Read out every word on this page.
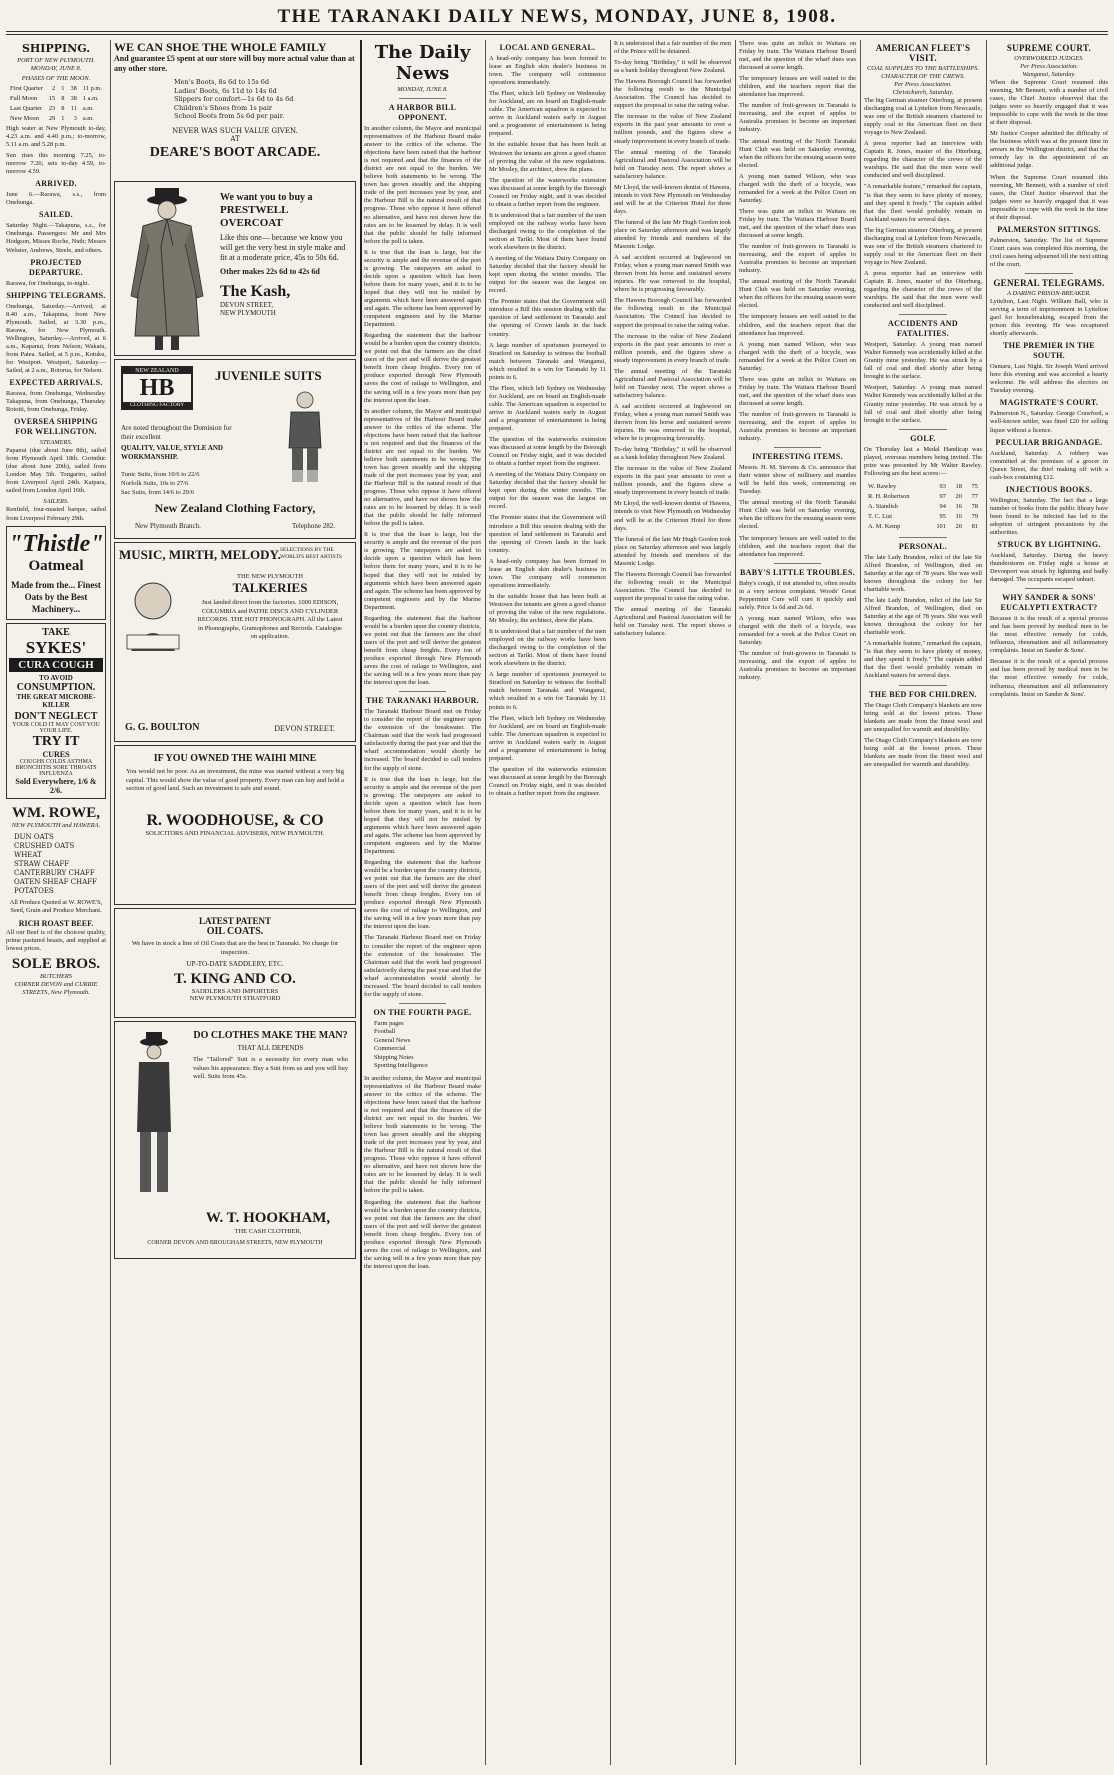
THE TARANAKI DAILY NEWS, MONDAY, JUNE 8, 1908.
SHIPPING.
PORT OF NEW PLYMOUTH.
MONDAY, JUNE 8.
PHASES OF THE MOON.
First Quarter	2	1	38	11 p.m.
Full Moon	15	8	38	1 a.m.
Last Quarter	23	8	11	a.m.
New Moon	29	1	3	a.m.
High water at New Plymouth to-day, 4.23 a.m. and 4.40 p.m.; to-morrow, 5.11 a.m. and 5.28 p.m.
Sun rises this morning 7.25, to-morrow 7.26; sets to-day 4.59, to-morrow 4.59.
ARRIVED.
June 6.—Rarawa, s.s., from Onehunga.
SAILED.
Saturday Night.—Takapuna, s.s., for Onehunga. Passengers: Mr and Mrs Hodgson, Misses Roche, Nuth; Messrs Webster, Andrews, Steele, and others.
PROJECTED DEPARTURE.
Rarawa, for Onehunga, to-night.
SHIPPING TELEGRAMS.
Onehunga, Saturday.—Arrived, at 8.40 a.m., Takapuna, from New Plymouth. Sailed, at 3.30 p.m., Rarawa, for New Plymouth. Wellington, Saturday.—Arrived, at 6 a.m., Kapanui, from Nelson; Wakatu, from Patea. Sailed, at 5 p.m., Kotuku, for Westport. Westport, Saturday.—Sailed, at 2 a.m., Rotorua, for Nelson.
EXPECTED ARRIVALS.
Rarawa, from Onehunga, Wednesday. Takapuna, from Onehunga, Thursday. Rotoiti, from Onehunga, Friday.
OVERSEA SHIPPING FOR WELLINGTON.
STEAMERS.
Papanui (due about June 8th), sailed from Plymouth April 18th. Corinthic (due about June 20th), sailed from London May 5th. Tongariro, sailed from Liverpool April 24th. Kaipara, sailed from London April 16th.
SAILERS.
Renfield, four-masted barque, sailed from Liverpool February 29th.
"Thistle"
Oatmeal
Made from the... Finest Oats by the Best Machinery...
TAKE
SYKES'
CURA COUGH
TO AVOID
CONSUMPTION.
THE GREAT MICROBE-KILLER
DON'T NEGLECT
YOUR COLD IT MAY COST YOU YOUR LIFE.
TRY IT
CURES
COUGHS COLDS ASTHMA BRONCHITIS SORE THROATS INFLUENZA
Sold Everywhere, 1/6 & 2/6.
WM. ROWE,
NEW PLYMOUTH and HAWERA.
DUN OATS
CRUSHED OATS
WHEAT
STRAW CHAFF
CANTERBURY CHAFF
OATEN SHEAF CHAFF
POTATOES
All Produce Quoted at W. ROWE'S, Seed, Grain and Produce Merchant.
RICH ROAST BEEF.
All our Beef is of the choicest quality, prime pastured beasts, and supplied at lowest prices.
SOLE BROS.
BUTCHERS
CORNER DEVON and CURRIE STREETS, New Plymouth.
WE CAN SHOE THE WHOLE FAMILY
And guarantee £5 spent at our store will buy more actual value than at any other store.
Men's Boots, 8s 6d to 15s 6d
Ladies' Boots, 6s 11d to 14s 6d
Slippers for comfort—1s 6d to 4s 6d
Children's Shoes from 1s pair
School Boots from 5s 6d per pair.
NEVER WAS SUCH VALUE GIVEN.
AT
DEARE'S BOOT ARCADE.
We want you to buy a
PRESTWELL OVERCOAT
Like this one— because we know you will get the very best in style make and fit at a moderate price, 45s to 50s 6d.
Other makes 22s 6d to 42s 6d
The Kash,
DEVON STREET,
NEW PLYMOUTH
NEW ZEALAND
HB
CLOTHING FACTORY
JUVENILE SUITS
Are noted throughout the Dominion for their excellent
QUALITY, VALUE, STYLE AND WORKMANSHIP.
Tunic Suits, from 10/6 to 22/6
Norfolk Suits, 10s to 27/6
Sac Suits, from 14/6 to 29/6
New Zealand Clothing Factory,
New Plymouth Branch.	Telephone 282.
MUSIC, MIRTH, MELODY. SELECTIONS BY THE WORLD'S BEST ARTISTS
THE NEW PLYMOUTH
TALKERIES
Just landed direct from the factories. 1000 EDISON, COLUMBIA and PATHE DISCS AND CYLINDER RECORDS. THE HOT PHONOGRAPH. All the Latest in Phonographs, Gramophones and Records. Catalogue on application.
G. G. BOULTON	DEVON STREET.
IF YOU OWNED THE WAIHI MINE
You would not be poor. As an investment, the mine was started without a very big capital. This would show the value of good property. Every man can buy and hold a section of good land. Such an investment is safe and sound.
R. WOODHOUSE, & CO
SOLICITORS AND FINANCIAL ADVISERS, NEW PLYMOUTH.
LATEST PATENT
OIL COATS.
We have in stock a line of Oil Coats that are the best in Taranaki. No charge for inspection.
UP-TO-DATE SADDLERY, ETC.
T. KING AND CO.
SADDLERS AND IMPORTERS
NEW PLYMOUTH STRATFORD
DO CLOTHES MAKE THE MAN?
THAT ALL DEPENDS
The "Tailored" Suit is a necessity for every man who values his appearance. Buy a Suit from us and you will buy well. Suits from 45s.
W. T. HOOKHAM,
THE CASH CLOTHIER,
CORNER DEVON AND BROUGHAM STREETS, NEW PLYMOUTH
The Daily News
MONDAY, JUNE 8.
A HARBOR BILL OPPONENT.
In another column, the Mayor and municipal representatives of the Harbour Board make answer to the critics of the scheme. The objections have been raised that the harbour is not required and that the finances of the district are not equal to the burden. We believe both statements to be wrong. The town has grown steadily and the shipping trade of the port increases year by year, and the Harbour Bill is the natural result of that progress. Those who oppose it have offered no alternative, and have not shown how the rates are to be lessened by delay. It is well that the public should be fully informed before the poll is taken.
It is true that the loan is large, but the security is ample and the revenue of the port is growing. The ratepayers are asked to decide upon a question which has been before them for many years, and it is to be hoped that they will not be misled by arguments which have been answered again and again. The scheme has been approved by competent engineers and by the Marine Department.
Regarding the statement that the harbour would be a burden upon the country districts, we point out that the farmers are the chief users of the port and will derive the greatest benefit from cheap freights. Every ton of produce exported through New Plymouth saves the cost of railage to Wellington, and the saving will in a few years more than pay the interest upon the loan.
In another column, the Mayor and municipal representatives of the Harbour Board make answer to the critics of the scheme. The objections have been raised that the harbour is not required and that the finances of the district are not equal to the burden. We believe both statements to be wrong. The town has grown steadily and the shipping trade of the port increases year by year, and the Harbour Bill is the natural result of that progress. Those who oppose it have offered no alternative, and have not shown how the rates are to be lessened by delay. It is well that the public should be fully informed before the poll is taken.
It is true that the loan is large, but the security is ample and the revenue of the port is growing. The ratepayers are asked to decide upon a question which has been before them for many years, and it is to be hoped that they will not be misled by arguments which have been answered again and again. The scheme has been approved by competent engineers and by the Marine Department.
Regarding the statement that the harbour would be a burden upon the country districts, we point out that the farmers are the chief users of the port and will derive the greatest benefit from cheap freights. Every ton of produce exported through New Plymouth saves the cost of railage to Wellington, and the saving will in a few years more than pay the interest upon the loan.
THE TARANAKI HARBOUR.
The Taranaki Harbour Board met on Friday to consider the report of the engineer upon the extension of the breakwater. The Chairman said that the work had progressed satisfactorily during the past year and that the wharf accommodation would shortly be increased. The board decided to call tenders for the supply of stone.
It is true that the loan is large, but the security is ample and the revenue of the port is growing. The ratepayers are asked to decide upon a question which has been before them for many years, and it is to be hoped that they will not be misled by arguments which have been answered again and again. The scheme has been approved by competent engineers and by the Marine Department.
Regarding the statement that the harbour would be a burden upon the country districts, we point out that the farmers are the chief users of the port and will derive the greatest benefit from cheap freights. Every ton of produce exported through New Plymouth saves the cost of railage to Wellington, and the saving will in a few years more than pay the interest upon the loan.
The Taranaki Harbour Board met on Friday to consider the report of the engineer upon the extension of the breakwater. The Chairman said that the work had progressed satisfactorily during the past year and that the wharf accommodation would shortly be increased. The board decided to call tenders for the supply of stone.
ON THE FOURTH PAGE.
Farm pages
Football
General News
Commercial
Shipping Notes
Sporting Intelligence
In another column, the Mayor and municipal representatives of the Harbour Board make answer to the critics of the scheme. The objections have been raised that the harbour is not required and that the finances of the district are not equal to the burden. We believe both statements to be wrong. The town has grown steadily and the shipping trade of the port increases year by year, and the Harbour Bill is the natural result of that progress. Those who oppose it have offered no alternative, and have not shown how the rates are to be lessened by delay. It is well that the public should be fully informed before the poll is taken.
Regarding the statement that the harbour would be a burden upon the country districts, we point out that the farmers are the chief users of the port and will derive the greatest benefit from cheap freights. Every ton of produce exported through New Plymouth saves the cost of railage to Wellington, and the saving will in a few years more than pay the interest upon the loan.
LOCAL AND GENERAL.
A head-only company has been formed to lease an English skin dealer's business in town. The company will commence operations immediately.
The Fleet, which left Sydney on Wednesday for Auckland, are on board an English-made cable. The American squadron is expected to arrive in Auckland waters early in August and a programme of entertainment is being prepared.
In the suitable house that has been built at Westown the tenants are given a good chance of proving the value of the new regulations. Mr Mosley, the architect, drew the plans.
The question of the waterworks extension was discussed at some length by the Borough Council on Friday night, and it was decided to obtain a further report from the engineer.
It is understood that a fair number of the men employed on the railway works have been discharged owing to the completion of the section at Tariki. Most of them have found work elsewhere in the district.
A meeting of the Waitara Dairy Company on Saturday decided that the factory should be kept open during the winter months. The output for the season was the largest on record.
The Premier states that the Government will introduce a Bill this session dealing with the question of land settlement in Taranaki and the opening of Crown lands in the back country.
A large number of sportsmen journeyed to Stratford on Saturday to witness the football match between Taranaki and Wanganui, which resulted in a win for Taranaki by 11 points to 6.
The Fleet, which left Sydney on Wednesday for Auckland, are on board an English-made cable. The American squadron is expected to arrive in Auckland waters early in August and a programme of entertainment is being prepared.
The question of the waterworks extension was discussed at some length by the Borough Council on Friday night, and it was decided to obtain a further report from the engineer.
A meeting of the Waitara Dairy Company on Saturday decided that the factory should be kept open during the winter months. The output for the season was the largest on record.
The Premier states that the Government will introduce a Bill this session dealing with the question of land settlement in Taranaki and the opening of Crown lands in the back country.
A head-only company has been formed to lease an English skin dealer's business in town. The company will commence operations immediately.
In the suitable house that has been built at Westown the tenants are given a good chance of proving the value of the new regulations. Mr Mosley, the architect, drew the plans.
It is understood that a fair number of the men employed on the railway works have been discharged owing to the completion of the section at Tariki. Most of them have found work elsewhere in the district.
A large number of sportsmen journeyed to Stratford on Saturday to witness the football match between Taranaki and Wanganui, which resulted in a win for Taranaki by 11 points to 6.
The Fleet, which left Sydney on Wednesday for Auckland, are on board an English-made cable. The American squadron is expected to arrive in Auckland waters early in August and a programme of entertainment is being prepared.
The question of the waterworks extension was discussed at some length by the Borough Council on Friday night, and it was decided to obtain a further report from the engineer.
It is understood that a fair number of the men of the Prince will be detained.
To-day being "Birthday," it will be observed as a bank holiday throughout New Zealand.
The Hawera Borough Council has forwarded the following result to the Municipal Association. The Council has decided to support the proposal to raise the rating value.
The increase in the value of New Zealand exports in the past year amounts to over a million pounds, and the figures show a steady improvement in every branch of trade.
The annual meeting of the Taranaki Agricultural and Pastoral Association will be held on Tuesday next. The report shows a satisfactory balance.
Mr Lloyd, the well-known dentist of Hawera, intends to visit New Plymouth on Wednesday and will be at the Criterion Hotel for three days.
The funeral of the late Mr Hugh Gordon took place on Saturday afternoon and was largely attended by friends and members of the Masonic Lodge.
A sad accident occurred at Inglewood on Friday, when a young man named Smith was thrown from his horse and sustained severe injuries. He was removed to the hospital, where he is progressing favourably.
The Hawera Borough Council has forwarded the following result to the Municipal Association. The Council has decided to support the proposal to raise the rating value.
The increase in the value of New Zealand exports in the past year amounts to over a million pounds, and the figures show a steady improvement in every branch of trade.
The annual meeting of the Taranaki Agricultural and Pastoral Association will be held on Tuesday next. The report shows a satisfactory balance.
A sad accident occurred at Inglewood on Friday, when a young man named Smith was thrown from his horse and sustained severe injuries. He was removed to the hospital, where he is progressing favourably.
To-day being "Birthday," it will be observed as a bank holiday throughout New Zealand.
The increase in the value of New Zealand exports in the past year amounts to over a million pounds, and the figures show a steady improvement in every branch of trade.
Mr Lloyd, the well-known dentist of Hawera, intends to visit New Plymouth on Wednesday and will be at the Criterion Hotel for three days.
The funeral of the late Mr Hugh Gordon took place on Saturday afternoon and was largely attended by friends and members of the Masonic Lodge.
The Hawera Borough Council has forwarded the following result to the Municipal Association. The Council has decided to support the proposal to raise the rating value.
The annual meeting of the Taranaki Agricultural and Pastoral Association will be held on Tuesday next. The report shows a satisfactory balance.
There was quite an influx to Waitara on Friday by train. The Waitara Harbour Board met, and the question of the wharf dues was discussed at some length.
The temporary houses are well suited to the children, and the teachers report that the attendance has improved.
The number of fruit-growers in Taranaki is increasing, and the export of apples to Australia promises to become an important industry.
The annual meeting of the North Taranaki Hunt Club was held on Saturday evening, when the officers for the ensuing season were elected.
A young man named Wilson, who was charged with the theft of a bicycle, was remanded for a week at the Police Court on Saturday.
There was quite an influx to Waitara on Friday by train. The Waitara Harbour Board met, and the question of the wharf dues was discussed at some length.
The number of fruit-growers in Taranaki is increasing, and the export of apples to Australia promises to become an important industry.
The annual meeting of the North Taranaki Hunt Club was held on Saturday evening, when the officers for the ensuing season were elected.
The temporary houses are well suited to the children, and the teachers report that the attendance has improved.
A young man named Wilson, who was charged with the theft of a bicycle, was remanded for a week at the Police Court on Saturday.
There was quite an influx to Waitara on Friday by train. The Waitara Harbour Board met, and the question of the wharf dues was discussed at some length.
The number of fruit-growers in Taranaki is increasing, and the export of apples to Australia promises to become an important industry.
INTERESTING ITEMS.
Messrs. H. M. Stevens & Co. announce that their winter show of millinery and mantles will be held this week, commencing on Tuesday.
The annual meeting of the North Taranaki Hunt Club was held on Saturday evening, when the officers for the ensuing season were elected.
The temporary houses are well suited to the children, and the teachers report that the attendance has improved.
BABY'S LITTLE TROUBLES.
Baby's cough, if not attended to, often results in a very serious complaint. Woods' Great Peppermint Cure will cure it quickly and safely. Price 1s 6d and 2s 6d.
A young man named Wilson, who was charged with the theft of a bicycle, was remanded for a week at the Police Court on Saturday.
The number of fruit-growers in Taranaki is increasing, and the export of apples to Australia promises to become an important industry.
AMERICAN FLEET'S VISIT.
COAL SUPPLIES TO THE BATTLESHIPS.
CHARACTER OF THE CREWS.
Per Press Association.
Christchurch, Saturday.
The big German steamer Otterburg, at present discharging coal at Lyttelton from Newcastle, was one of the British steamers chartered to supply coal to the American fleet on their voyage to New Zealand.
A press reporter had an interview with Captain R. Jones, master of the Otterburg, regarding the character of the crews of the warships. He said that the men were well conducted and well disciplined.
"A remarkable feature," remarked the captain, "is that they seem to have plenty of money, and they spend it freely." The captain added that the fleet would probably remain in Auckland waters for several days.
The big German steamer Otterburg, at present discharging coal at Lyttelton from Newcastle, was one of the British steamers chartered to supply coal to the American fleet on their voyage to New Zealand.
A press reporter had an interview with Captain R. Jones, master of the Otterburg, regarding the character of the crews of the warships. He said that the men were well conducted and well disciplined.
ACCIDENTS AND FATALITIES.
Westport, Saturday. A young man named Walter Kennedy was accidentally killed at the Granity mine yesterday. He was struck by a fall of coal and died shortly after being brought to the surface.
Westport, Saturday. A young man named Walter Kennedy was accidentally killed at the Granity mine yesterday. He was struck by a fall of coal and died shortly after being brought to the surface.
GOLF.
On Thursday last a Medal Handicap was played, overseas members being invited. The prize was presented by Mr Walter Rawley. Following are the best scores:—
W. Rawley	93	18	75
R. H. Robertson	97	20	77
A. Standish	94	16	78
T. C. List	95	16	79
A. M. Kemp	101	20	81
PERSONAL.
The late Lady Brandon, relict of the late Sir Alfred Brandon, of Wellington, died on Saturday at the age of 78 years. She was well known throughout the colony for her charitable work.
The late Lady Brandon, relict of the late Sir Alfred Brandon, of Wellington, died on Saturday at the age of 78 years. She was well known throughout the colony for her charitable work.
"A remarkable feature," remarked the captain, "is that they seem to have plenty of money, and they spend it freely." The captain added that the fleet would probably remain in Auckland waters for several days.
THE BED FOR CHILDREN.
The Otago Cloth Company's blankets are now being sold at the lowest prices. These blankets are made from the finest wool and are unequalled for warmth and durability.
The Otago Cloth Company's blankets are now being sold at the lowest prices. These blankets are made from the finest wool and are unequalled for warmth and durability.
SUPREME COURT.
OVERWORKED JUDGES.
Per Press Association.
Wanganui, Saturday.
When the Supreme Court resumed this morning, Mr Bennett, with a number of civil cases, the Chief Justice observed that the judges were so heavily engaged that it was impossible to cope with the work in the time at their disposal.
Mr Justice Cooper admitted the difficulty of the business which was at the present time in arrears in the Wellington district, and that the remedy lay in the appointment of an additional judge.
When the Supreme Court resumed this morning, Mr Bennett, with a number of civil cases, the Chief Justice observed that the judges were so heavily engaged that it was impossible to cope with the work in the time at their disposal.
PALMERSTON SITTINGS.
Palmerston, Saturday. The list of Supreme Court cases was completed this morning, the civil cases being adjourned till the next sitting of the court.
GENERAL TELEGRAMS.
A DARING PRISON-BREAKER.
Lyttelton, Last Night. William Ball, who is serving a term of imprisonment in Lyttelton gaol for housebreaking, escaped from the prison this evening. He was recaptured shortly afterwards.
THE PREMIER IN THE SOUTH.
Oamaru, Last Night. Sir Joseph Ward arrived here this evening and was accorded a hearty welcome. He will address the electors on Tuesday evening.
MAGISTRATE'S COURT.
Palmerston N., Saturday. George Crawford, a well-known settler, was fined £20 for selling liquor without a licence.
PECULIAR BRIGANDAGE.
Auckland, Saturday. A robbery was committed at the premises of a grocer in Queen Street, the thief making off with a cash-box containing £12.
INJECTIOUS BOOKS.
Wellington, Saturday. The fact that a large number of books from the public library have been found to be infected has led to the adoption of stringent precautions by the authorities.
STRUCK BY LIGHTNING.
Auckland, Saturday. During the heavy thunderstorm on Friday night a house at Devonport was struck by lightning and badly damaged. The occupants escaped unhurt.
WHY SANDER & SONS' EUCALYPTI EXTRACT?
Because it is the result of a special process and has been proved by medical men to be the most effective remedy for colds, influenza, rheumatism and all inflammatory complaints. Insist on Sander & Sons'.
Because it is the result of a special process and has been proved by medical men to be the most effective remedy for colds, influenza, rheumatism and all inflammatory complaints. Insist on Sander & Sons'.
